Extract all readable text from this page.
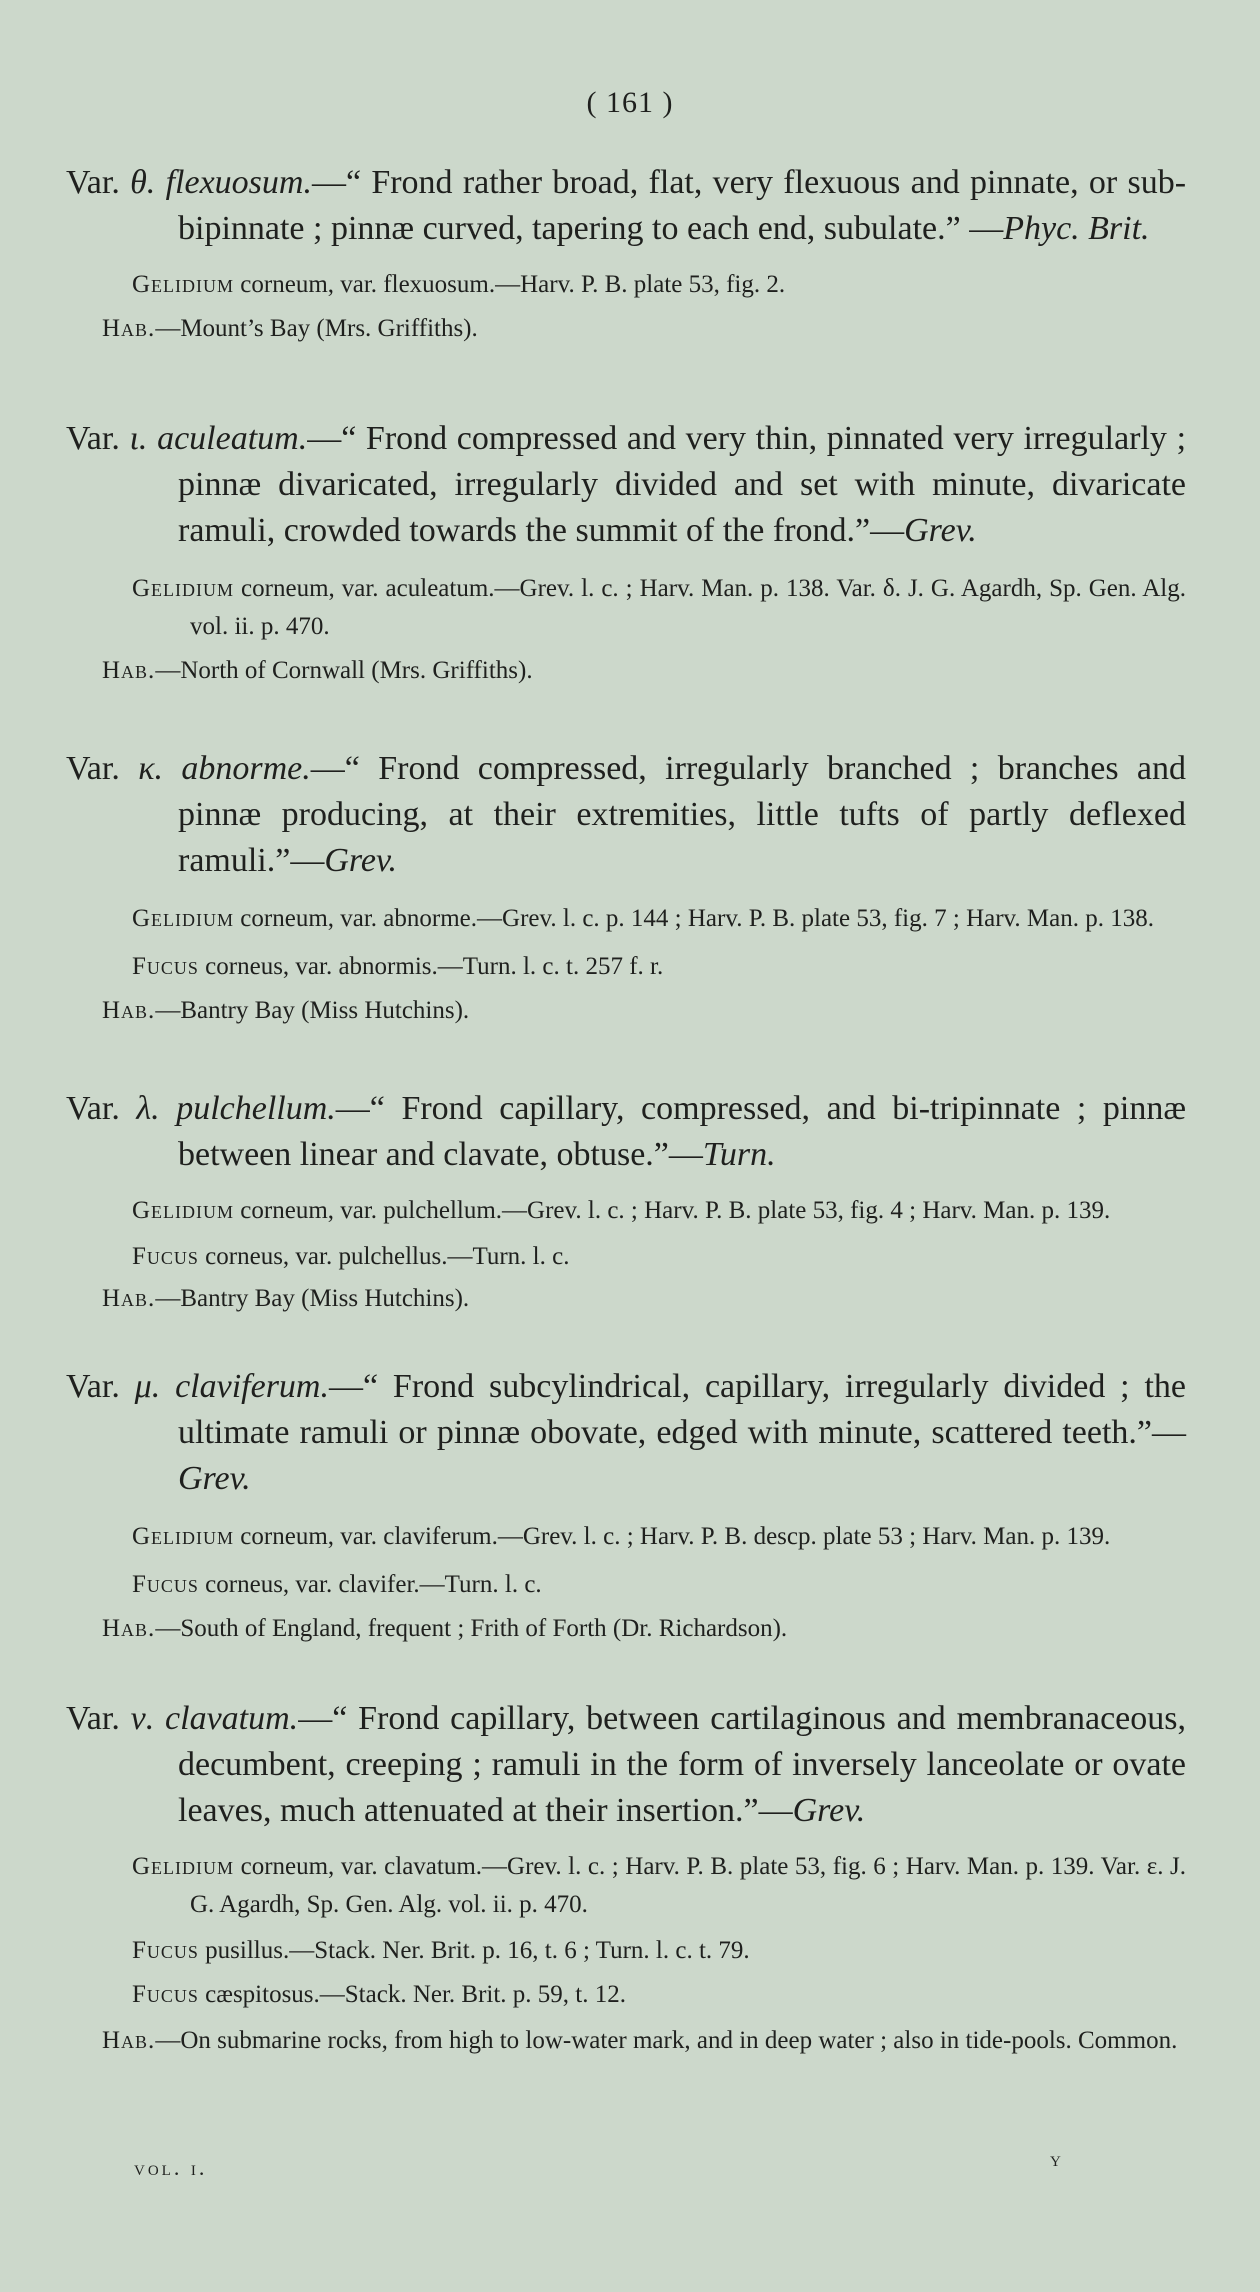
( 161 )

Var. θ. flexuosum.—“ Frond rather broad, flat, very flexuous and pinnate, or sub-bipinnate ; pinnæ curved, tapering to each end, subulate.” —Phyc. Brit.

Gelidium corneum, var. flexuosum.—Harv. P. B. plate 53, fig. 2.

Hab.—Mount’s Bay (Mrs. Griffiths).

Var. ι. aculeatum.—“ Frond compressed and very thin, pinnated very irregularly ; pinnæ divaricated, irregularly divided and set with minute, divaricate ramuli, crowded towards the summit of the frond.”—Grev.

Gelidium corneum, var. aculeatum.—Grev. l. c. ; Harv. Man. p. 138. Var. δ. J. G. Agardh, Sp. Gen. Alg. vol. ii. p. 470.

Hab.—North of Cornwall (Mrs. Griffiths).

Var. κ. abnorme.—“ Frond compressed, irregularly branched ; branches and pinnæ producing, at their extremities, little tufts of partly deflexed ramuli.”—Grev.

Gelidium corneum, var. abnorme.—Grev. l. c. p. 144 ; Harv. P. B. plate 53, fig. 7 ; Harv. Man. p. 138.

Fucus corneus, var. abnormis.—Turn. l. c. t. 257 f. r.

Hab.—Bantry Bay (Miss Hutchins).

Var. λ. pulchellum.—“ Frond capillary, compressed, and bi-tripinnate ; pinnæ between linear and clavate, obtuse.”—Turn.

Gelidium corneum, var. pulchellum.—Grev. l. c. ; Harv. P. B. plate 53, fig. 4 ; Harv. Man. p. 139.

Fucus corneus, var. pulchellus.—Turn. l. c.

Hab.—Bantry Bay (Miss Hutchins).

Var. μ. claviferum.—“ Frond subcylindrical, capillary, irregularly divided ; the ultimate ramuli or pinnæ obovate, edged with minute, scattered teeth.”—Grev.

Gelidium corneum, var. claviferum.—Grev. l. c. ; Harv. P. B. descp. plate 53 ; Harv. Man. p. 139.

Fucus corneus, var. clavifer.—Turn. l. c.

Hab.—South of England, frequent ; Frith of Forth (Dr. Richardson).

Var. ν. clavatum.—“ Frond capillary, between cartilaginous and membranaceous, decumbent, creeping ; ramuli in the form of inversely lanceolate or ovate leaves, much attenuated at their insertion.”—Grev.

Gelidium corneum, var. clavatum.—Grev. l. c. ; Harv. P. B. plate 53, fig. 6 ; Harv. Man. p. 139. Var. ε. J. G. Agardh, Sp. Gen. Alg. vol. ii. p. 470.

Fucus pusillus.—Stack. Ner. Brit. p. 16, t. 6 ; Turn. l. c. t. 79.

Fucus cæspitosus.—Stack. Ner. Brit. p. 59, t. 12.

Hab.—On submarine rocks, from high to low-water mark, and in deep water ; also in tide-pools. Common.

vol. i.	y
